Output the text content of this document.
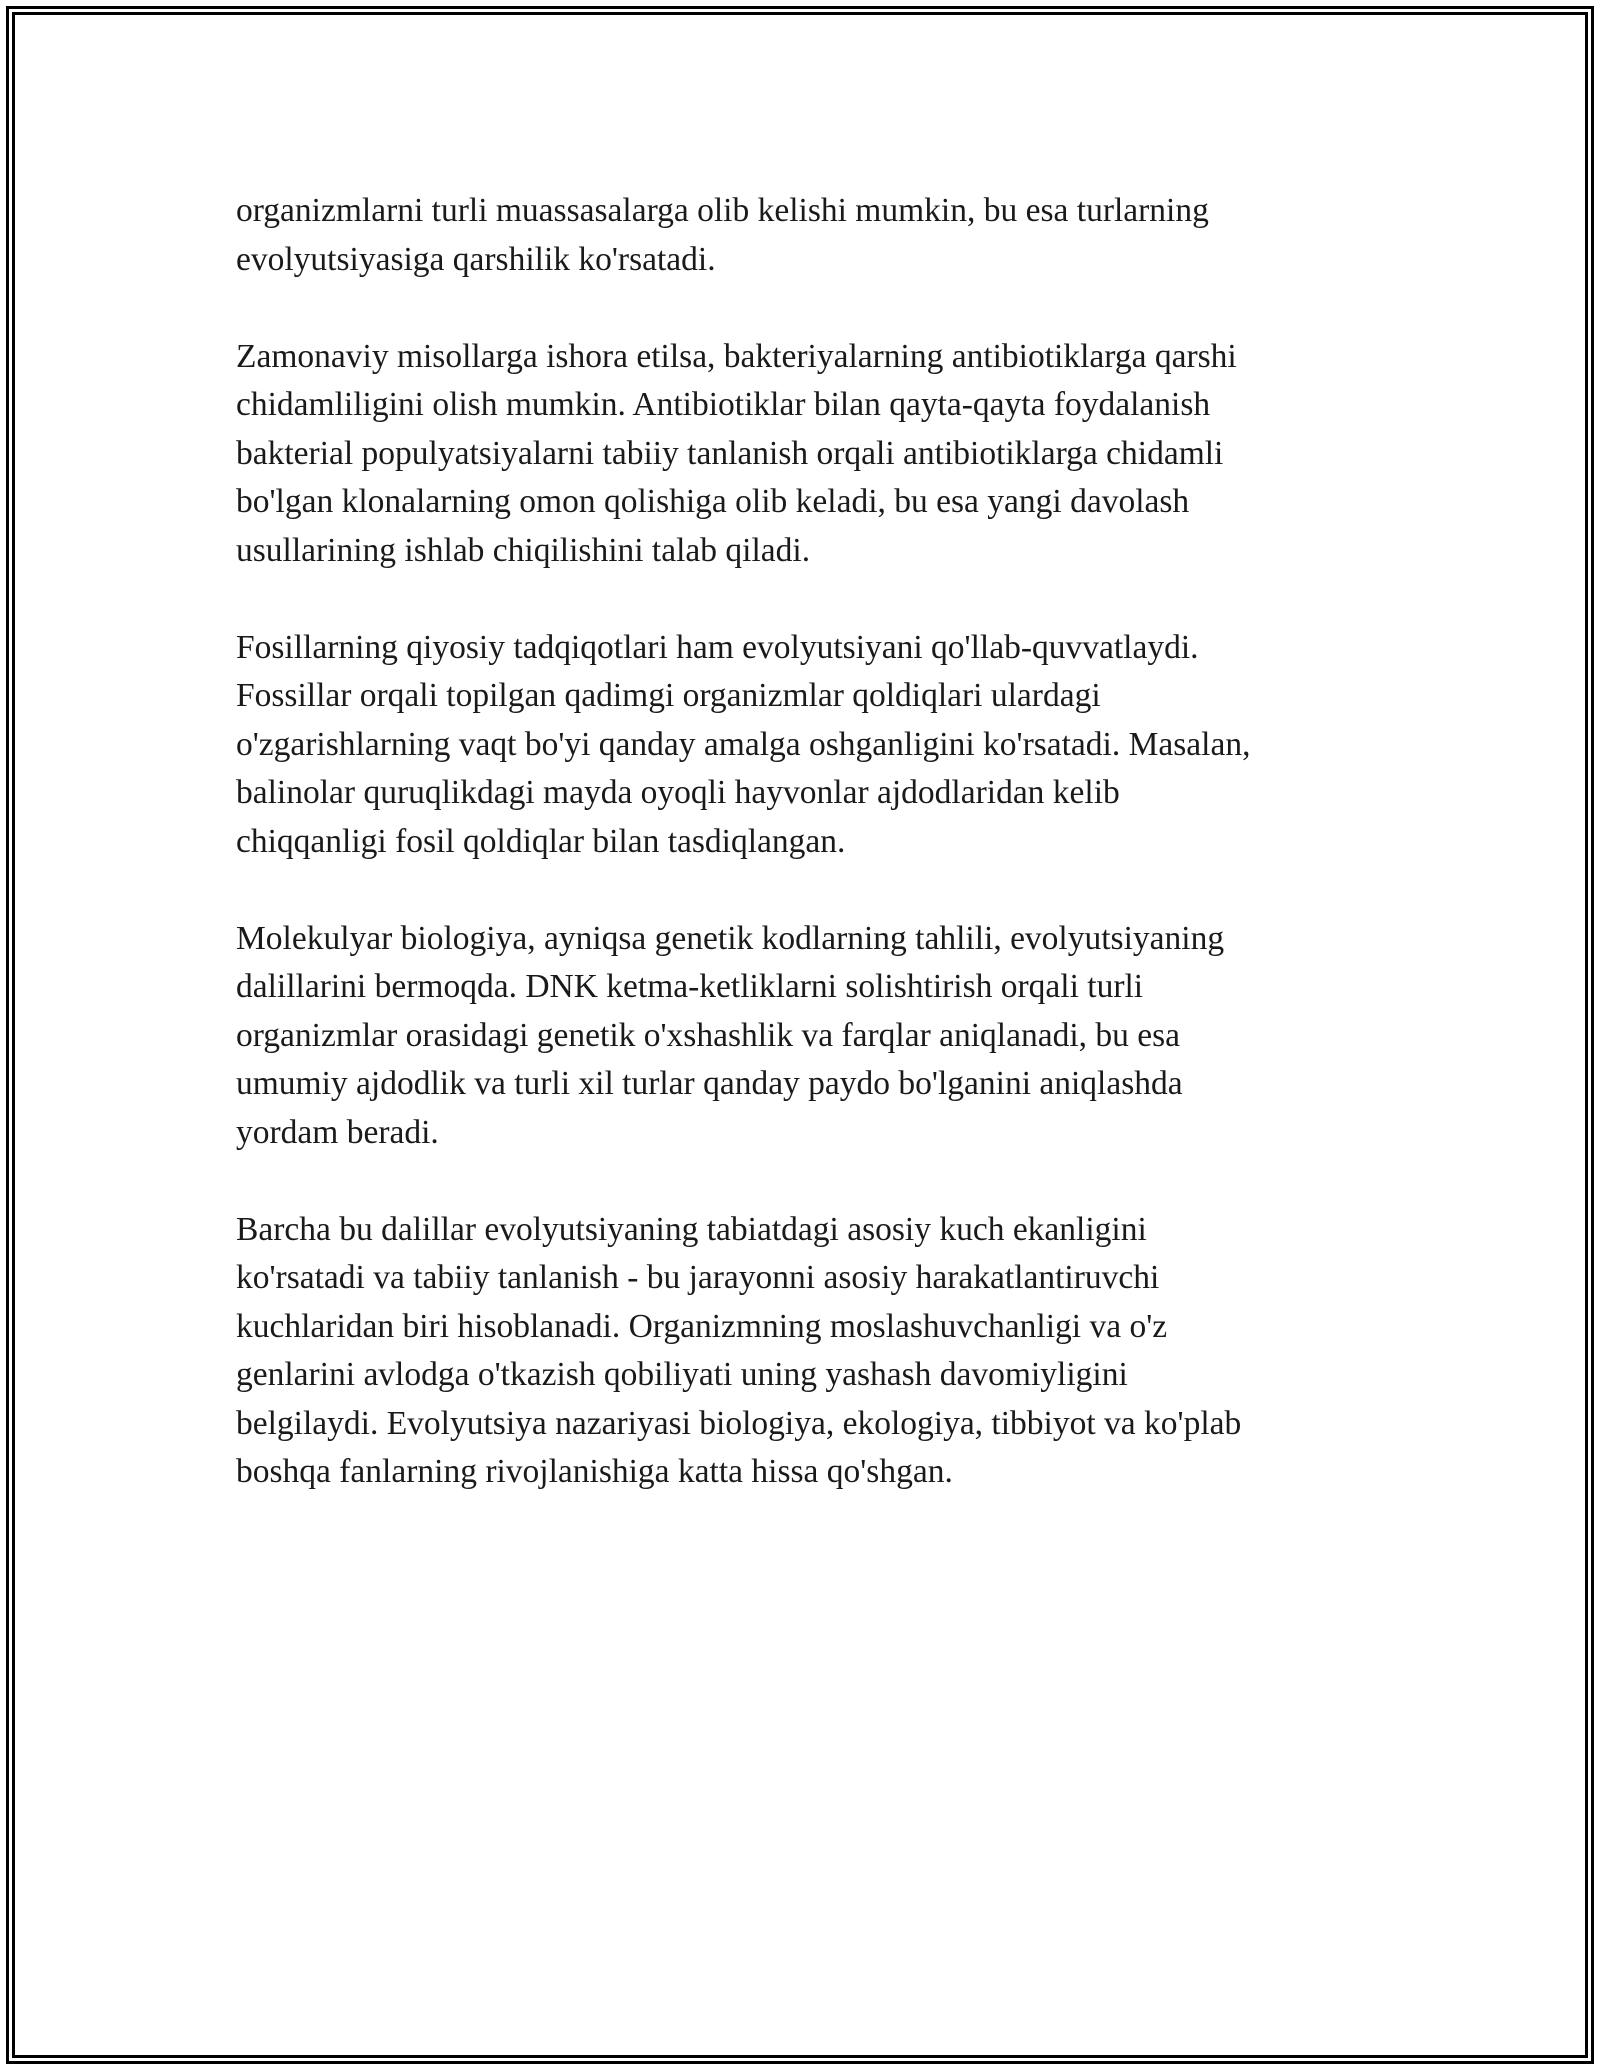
organizmlarni turli muassasalarga olib kelishi mumkin, bu esa turlarning
evolyutsiyasiga qarshilik ko'rsatadi.

Zamonaviy misollarga ishora etilsa, bakteriyalarning antibiotiklarga qarshi
chidamliligini olish mumkin. Antibiotiklar bilan qayta-qayta foydalanish
bakterial populyatsiyalarni tabiiy tanlanish orqali antibiotiklarga chidamli
bo'lgan klonalarning omon qolishiga olib keladi, bu esa yangi davolash
usullarining ishlab chiqilishini talab qiladi.

Fosillarning qiyosiy tadqiqotlari ham evolyutsiyani qo'llab-quvvatlaydi.
Fossillar orqali topilgan qadimgi organizmlar qoldiqlari ulardagi
o'zgarishlarning vaqt bo'yi qanday amalga oshganligini ko'rsatadi. Masalan,
balinolar quruqlikdagi mayda oyoqli hayvonlar ajdodlaridan kelib
chiqqanligi fosil qoldiqlar bilan tasdiqlangan.

Molekulyar biologiya, ayniqsa genetik kodlarning tahlili, evolyutsiyaning
dalillarini bermoqda. DNK ketma-ketliklarni solishtirish orqali turli
organizmlar orasidagi genetik o'xshashlik va farqlar aniqlanadi, bu esa
umumiy ajdodlik va turli xil turlar qanday paydo bo'lganini aniqlashda
yordam beradi.

Barcha bu dalillar evolyutsiyaning tabiatdagi asosiy kuch ekanligini
ko'rsatadi va tabiiy tanlanish - bu jarayonni asosiy harakatlantiruvchi
kuchlaridan biri hisoblanadi. Organizmning moslashuvchanligi va o'z
genlarini avlodga o'tkazish qobiliyati uning yashash davomiyligini
belgilaydi. Evolyutsiya nazariyasi biologiya, ekologiya, tibbiyot va ko'plab
boshqa fanlarning rivojlanishiga katta hissa qo'shgan.
